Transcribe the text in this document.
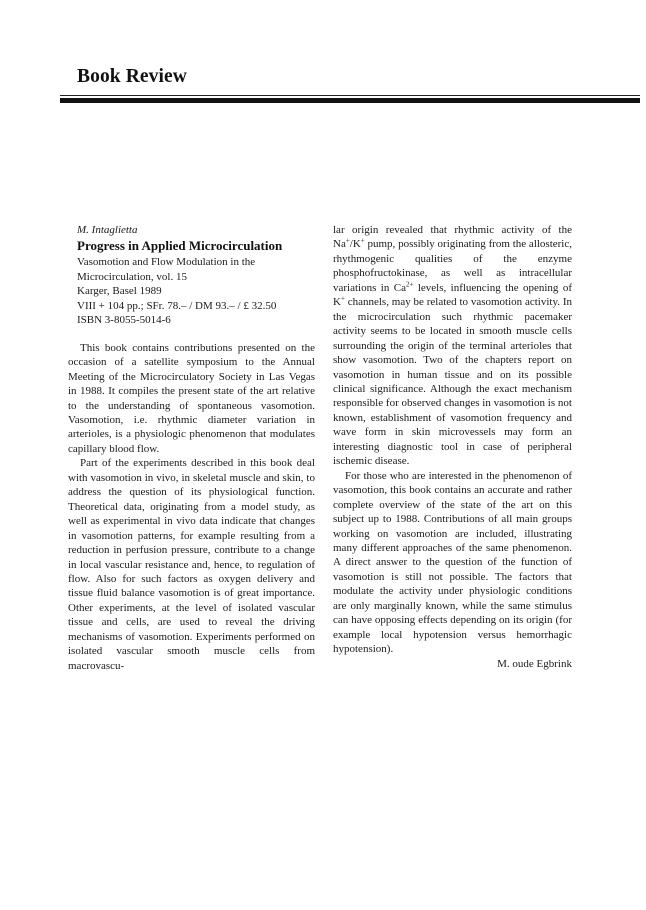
Book Review

M. Intaglietta

Progress in Applied Microcirculation

Vasomotion and Flow Modulation in the

Microcirculation, vol. 15

Karger, Basel 1989

VIII + 104 pp.; SFr. 78.– / DM 93.– / £ 32.50

ISBN 3-8055-5014-6

This book contains contributions presented on the occasion of a satellite symposium to the Annual Meeting of the Microcirculatory Society in Las Vegas in 1988. It compiles the present state of the art relative to the understanding of spontaneous vasomotion. Vasomotion, i.e. rhythmic diameter variation in arterioles, is a physiologic phenomenon that modulates capillary blood flow.

Part of the experiments described in this book deal with vasomotion in vivo, in skeletal muscle and skin, to address the question of its physiological function. Theoretical data, originating from a model study, as well as experimental in vivo data indicate that changes in vasomotion patterns, for example resulting from a reduction in perfusion pressure, contribute to a change in local vascular resistance and, hence, to regulation of flow. Also for such factors as oxygen delivery and tissue fluid balance vasomotion is of great importance. Other experiments, at the level of isolated vascular tissue and cells, are used to reveal the driving mechanisms of vasomotion. Experiments performed on isolated vascular smooth muscle cells from macrovascu-

lar origin revealed that rhythmic activity of the Na+/K+ pump, possibly originating from the allosteric, rhythmogenic qualities of the enzyme phosphofructokinase, as well as intracellular variations in $Ca^{2+}$ levels, influencing the opening of K+ channels, may be related to vasomotion activity. In the microcirculation such rhythmic pacemaker activity seems to be located in smooth muscle cells surrounding the origin of the terminal arterioles that show vasomotion. Two of the chapters report on vasomotion in human tissue and on its possible clinical significance. Although the exact mechanism responsible for observed changes in vasomotion is not known, establishment of vasomotion frequency and wave form in skin microvessels may form an interesting diagnostic tool in case of peripheral ischemic disease.

For those who are interested in the phenomenon of vasomotion, this book contains an accurate and rather complete overview of the state of the art on this subject up to 1988. Contributions of all main groups working on vasomotion are included, illustrating many different approaches of the same phenomenon. A direct answer to the question of the function of vasomotion is still not possible. The factors that modulate the activity under physiologic conditions are only marginally known, while the same stimulus can have opposing effects depending on its origin (for example local hypotension versus hemorrhagic hypotension).

M. oude Egbrink
